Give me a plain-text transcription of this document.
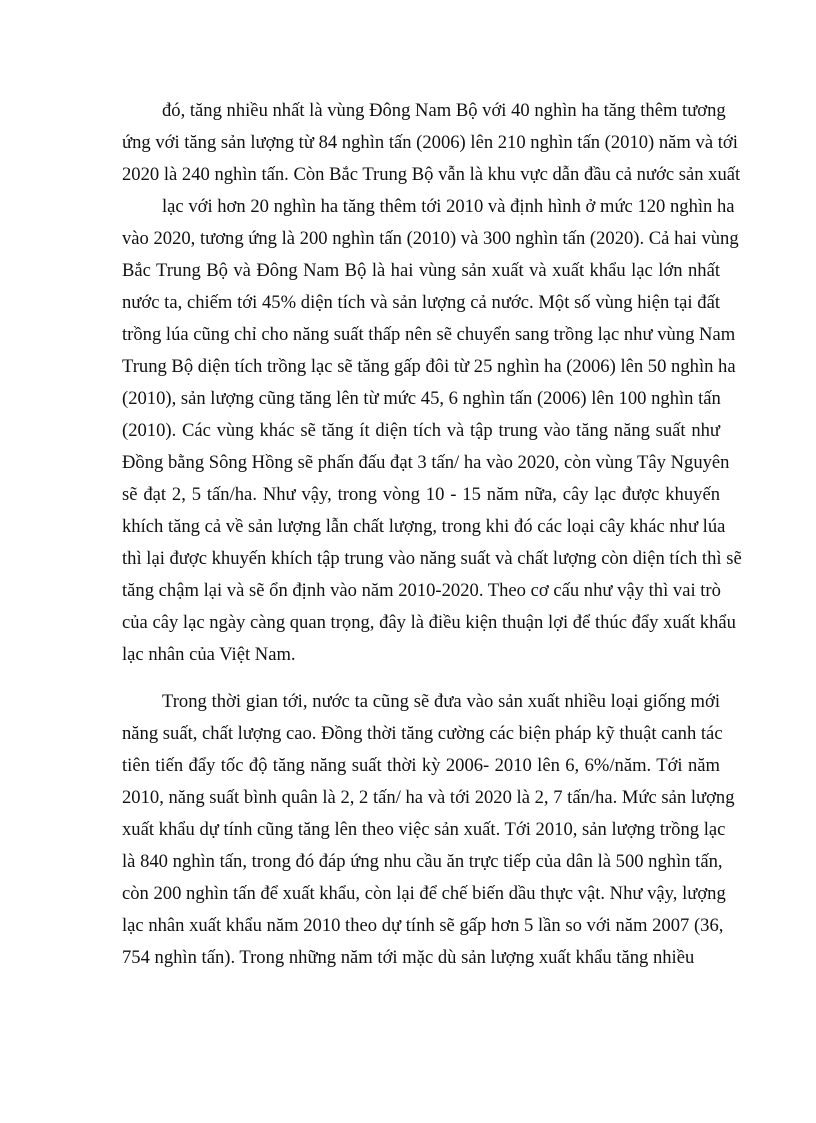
đó, tăng nhiều nhất là vùng Đông Nam Bộ với 40 nghìn ha tăng thêm tương
ứng với tăng sản lượng từ 84 nghìn tấn (2006) lên 210 nghìn tấn (2010) năm và tới
2020 là 240 nghìn tấn. Còn Bắc Trung Bộ vẫn là khu vực dẫn đầu cả nước sản xuất
lạc với hơn 20 nghìn ha tăng thêm tới 2010 và định hình ở mức 120 nghìn ha
vào 2020, tương ứng là 200 nghìn tấn (2010) và 300 nghìn tấn (2020). Cả hai vùng
Bắc Trung Bộ và Đông Nam Bộ là hai vùng sản xuất và xuất khẩu lạc lớn nhất
nước ta, chiếm tới 45% diện tích và sản lượng cả nước. Một số vùng hiện tại đất
trồng lúa cũng chỉ cho năng suất thấp nên sẽ chuyển sang trồng lạc như vùng Nam
Trung Bộ diện tích trồng lạc sẽ tăng gấp đôi từ 25 nghìn ha (2006) lên 50 nghìn ha
(2010), sản lượng cũng tăng lên từ mức 45, 6 nghìn tấn (2006) lên 100 nghìn tấn
(2010). Các vùng khác sẽ tăng ít diện tích và tập trung vào tăng năng suất như
Đồng bằng Sông Hồng sẽ phấn đấu đạt 3 tấn/ ha vào 2020, còn vùng Tây Nguyên
sẽ đạt 2, 5 tấn/ha. Như vậy, trong vòng 10 - 15 năm nữa, cây lạc được khuyến
khích tăng cả về sản lượng lẫn chất lượng, trong khi đó các loại cây khác như lúa
thì lại được khuyến khích tập trung vào năng suất và chất lượng còn diện tích thì sẽ
tăng chậm lại và sẽ ổn định vào năm 2010-2020. Theo cơ cấu như vậy thì vai trò
của cây lạc ngày càng quan trọng, đây là điều kiện thuận lợi để thúc đẩy xuất khẩu
lạc nhân của Việt Nam.
Trong thời gian tới, nước ta cũng sẽ đưa vào sản xuất nhiều loại giống mới
năng suất, chất lượng cao. Đồng thời tăng cường các biện pháp kỹ thuật canh tác
tiên tiến đẩy tốc độ tăng năng suất thời kỳ 2006- 2010 lên 6, 6%/năm. Tới năm
2010, năng suất bình quân là 2, 2 tấn/ ha và tới 2020 là 2, 7 tấn/ha. Mức sản lượng
xuất khẩu dự tính cũng tăng lên theo việc sản xuất. Tới 2010, sản lượng trồng lạc
là 840 nghìn tấn, trong đó đáp ứng nhu cầu ăn trực tiếp của dân là 500 nghìn tấn,
còn 200 nghìn tấn để xuất khẩu, còn lại để chế biến dầu thực vật. Như vậy, lượng
lạc nhân xuất khẩu năm 2010 theo dự tính sẽ gấp hơn 5 lần so với năm 2007 (36,
754 nghìn tấn). Trong những năm tới mặc dù sản lượng xuất khẩu tăng nhiều
